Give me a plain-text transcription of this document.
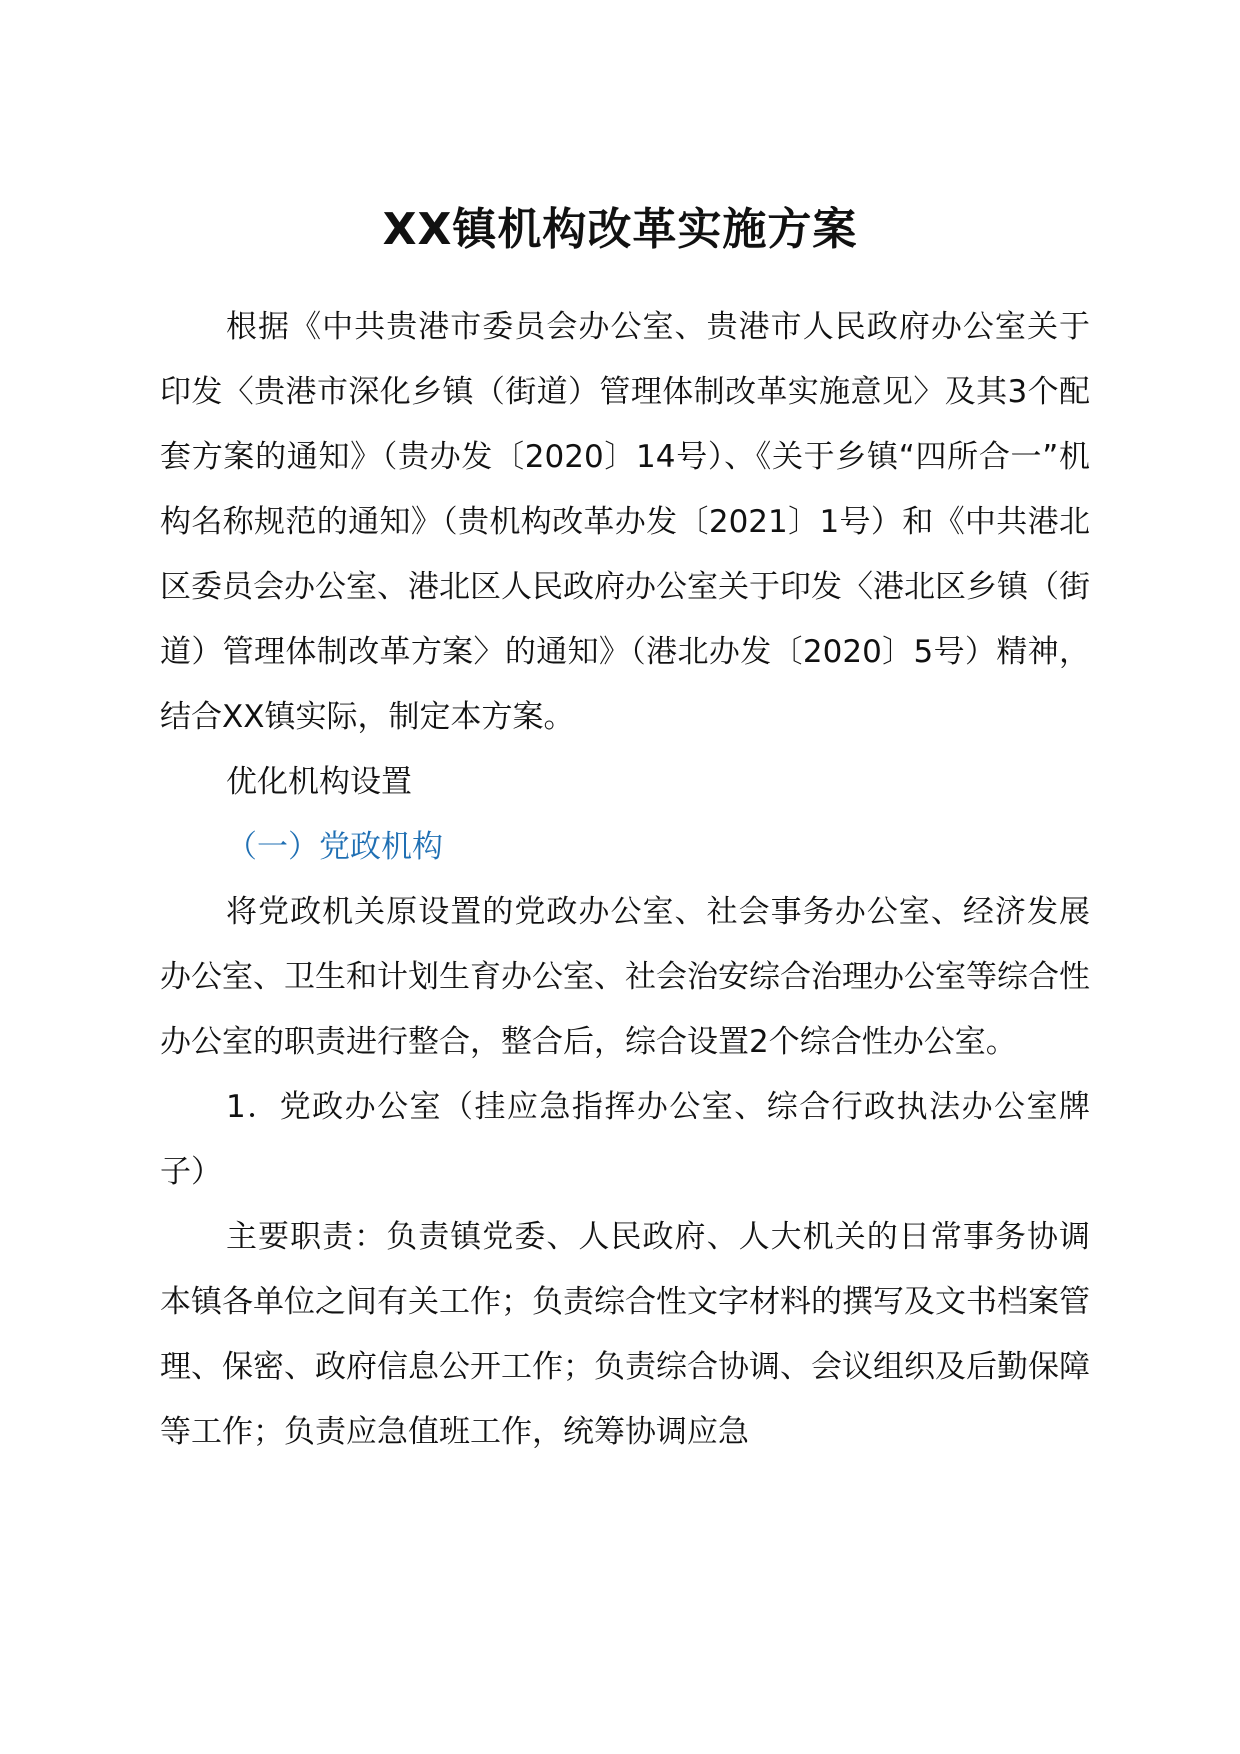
XX镇机构改革实施方案

根据《中共贵港市委员会办公室、贵港市人民政府办公室关于印发〈贵港市深化乡镇（街道）管理体制改革实施意见〉及其3个配套方案的通知》（贵办发〔2020〕14号）、《关于乡镇“四所合一”机构名称规范的通知》（贵机构改革办发〔2021〕1号）和《中共港北区委员会办公室、港北区人民政府办公室关于印发〈港北区乡镇（街道）管理体制改革方案〉的通知》（港北办发〔2020〕5号）精神，结合XX镇实际，制定本方案。

优化机构设置

（一）党政机构

将党政机关原设置的党政办公室、社会事务办公室、经济发展办公室、卫生和计划生育办公室、社会治安综合治理办公室等综合性办公室的职责进行整合，整合后，综合设置2个综合性办公室。

1．党政办公室（挂应急指挥办公室、综合行政执法办公室牌子）

主要职责：负责镇党委、人民政府、人大机关的日常事务协调本镇各单位之间有关工作；负责综合性文字材料的撰写及文书档案管理、保密、政府信息公开工作；负责综合协调、会议组织及后勤保障等工作；负责应急值班工作，统筹协调应急
